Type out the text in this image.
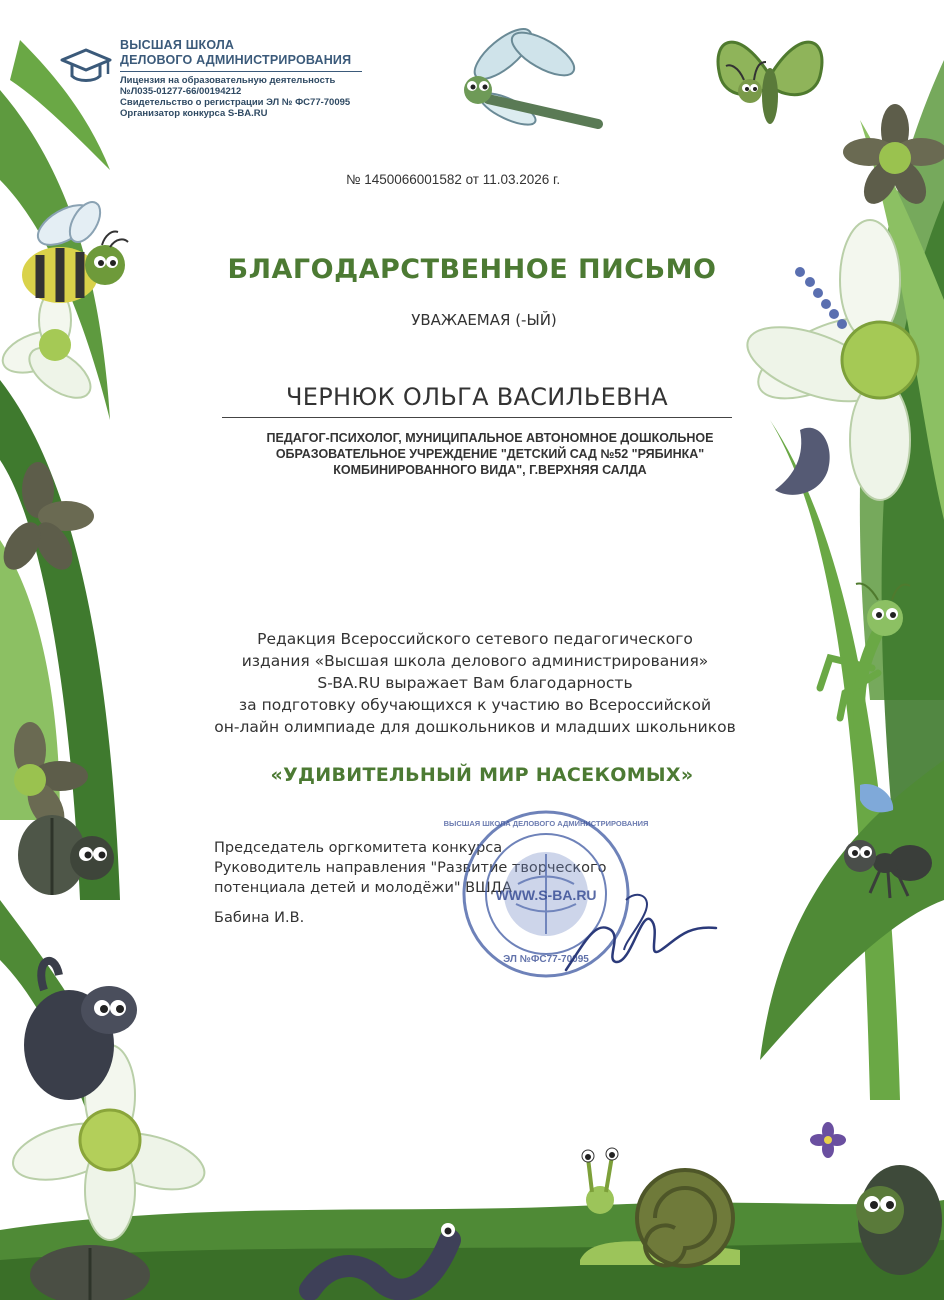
ВЫСШАЯ ШКОЛА
ДЕЛОВОГО АДМИНИСТРИРОВАНИЯ
Лицензия на образовательную деятельность
№Л035-01277-66/00194212
Свидетельство о регистрации ЭЛ № ФС77-70095
Организатор конкурса S-BA.RU
№ 1450066001582 от 11.03.2026 г.
БЛАГОДАРСТВЕННОЕ ПИСЬМО
УВАЖАЕМАЯ (-ЫЙ)
ЧЕРНЮК ОЛЬГА ВАСИЛЬЕВНА
ПЕДАГОГ-ПСИХОЛОГ, МУНИЦИПАЛЬНОЕ АВТОНОМНОЕ ДОШКОЛЬНОЕ
ОБРАЗОВАТЕЛЬНОЕ УЧРЕЖДЕНИЕ "ДЕТСКИЙ САД №52 "РЯБИНКА"
КОМБИНИРОВАННОГО ВИДА", Г.ВЕРХНЯЯ САЛДА
Редакция Всероссийского сетевого педагогического
издания «Высшая школа делового администрирования»
S-BA.RU выражает Вам благодарность
за подготовку обучающихся к участию во Всероссийской
он-лайн олимпиаде для дошкольников и младших школьников
«УДИВИТЕЛЬНЫЙ МИР НАСЕКОМЫХ»
Председатель оргкомитета конкурса
Руководитель направления "Развитие творческого
потенциала детей и молодёжи" ВШДА
Бабина И.В.
WWW.S-BA.RU
ЭЛ №ФС77-70095
ВЫСШАЯ ШКОЛА ДЕЛОВОГО АДМИНИСТРИРОВАНИЯ
